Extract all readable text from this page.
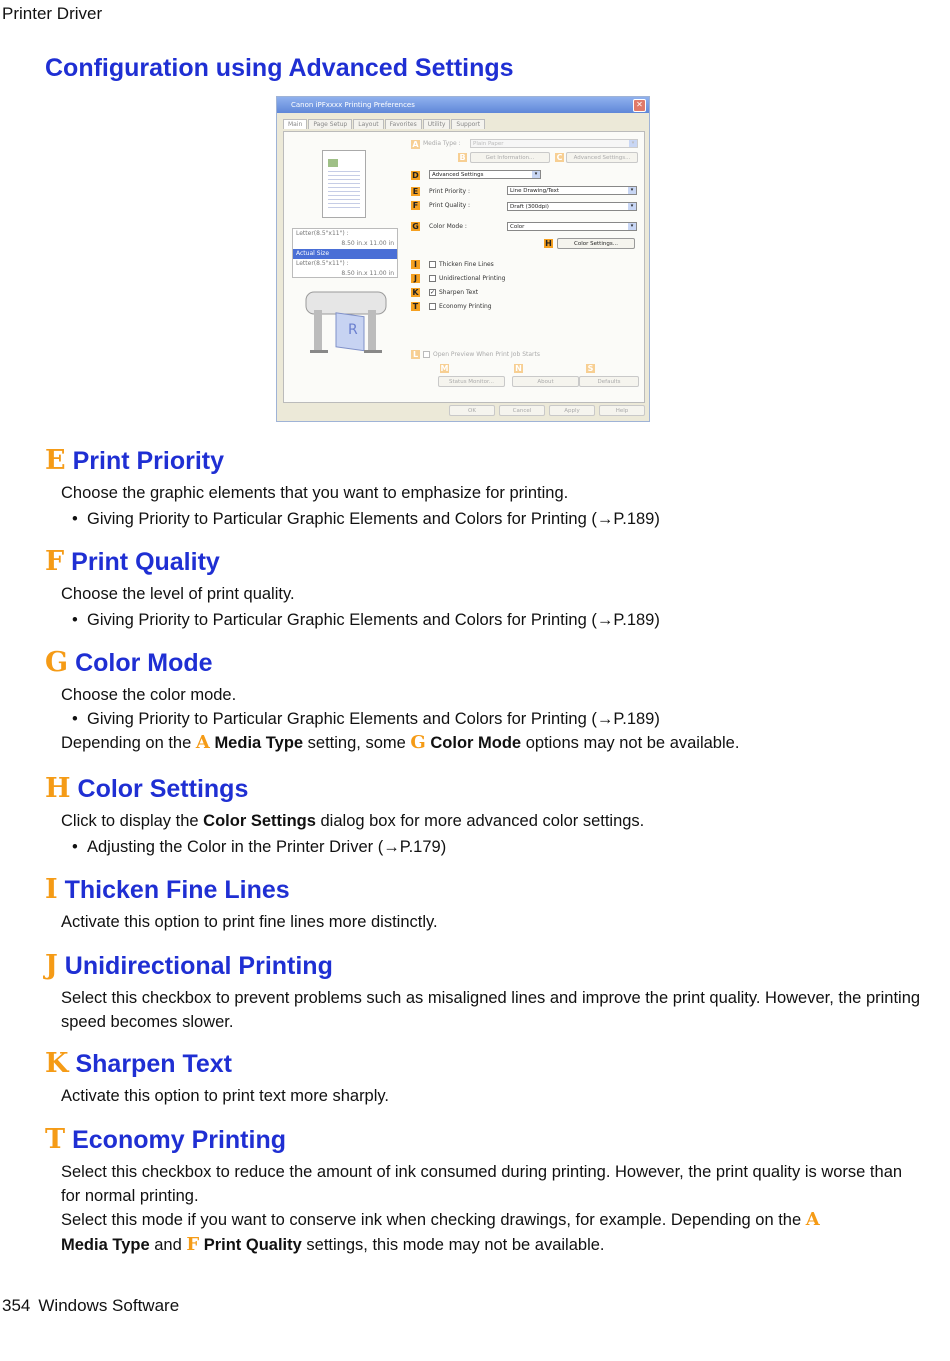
Printer Driver
Configuration using Advanced Settings
Canon iPFxxxx Printing Preferences	✕
Main	Page Setup	Layout	Favorites	Utility	Support
Letter(8.5"x11") :
8.50 in.x 11.00 in
Actual Size
Letter(8.5"x11") :
8.50 in.x 11.00 in
R
A Media Type :	Plain Paper	▾
B	Get Information...	C	Advanced Settings...
D	Advanced Settings	▾
E Print Priority :	Line Drawing/Text	▾
F Print Quality :	Draft (300dpi)	▾
G Color Mode :	Color	▾
H	Color Settings...
I	Thicken Fine Lines
J	Unidirectional Printing
K ✓ Sharpen Text
T	Economy Printing
L	Open Preview When Print Job Starts
M	N	S
Status Monitor...	About	Defaults
OK	Cancel	Apply	Help
E Print Priority

Choose the graphic elements that you want to emphasize for printing.

• Giving Priority to Particular Graphic Elements and Colors for Printing (→P.189)
F Print Quality

Choose the level of print quality.

• Giving Priority to Particular Graphic Elements and Colors for Printing (→P.189)
G Color Mode

Choose the color mode.

• Giving Priority to Particular Graphic Elements and Colors for Printing (→P.189)

Depending on the A Media Type setting, some G Color Mode options may not be available.

H Color Settings

Click to display the Color Settings dialog box for more advanced color settings.

• Adjusting the Color in the Printer Driver (→P.179)
I Thicken Fine Lines

Activate this option to print fine lines more distinctly.

J Unidirectional Printing

Select this checkbox to prevent problems such as misaligned lines and improve the print quality. However, the printing speed becomes slower.

K Sharpen Text

Activate this option to print text more sharply.

T Economy Printing

Select this checkbox to reduce the amount of ink consumed during printing. However, the print quality is worse than for normal printing.

Select this mode if you want to conserve ink when checking drawings, for example. Depending on the A
Media Type and F Print Quality settings, this mode may not be available.

354 Windows Software
